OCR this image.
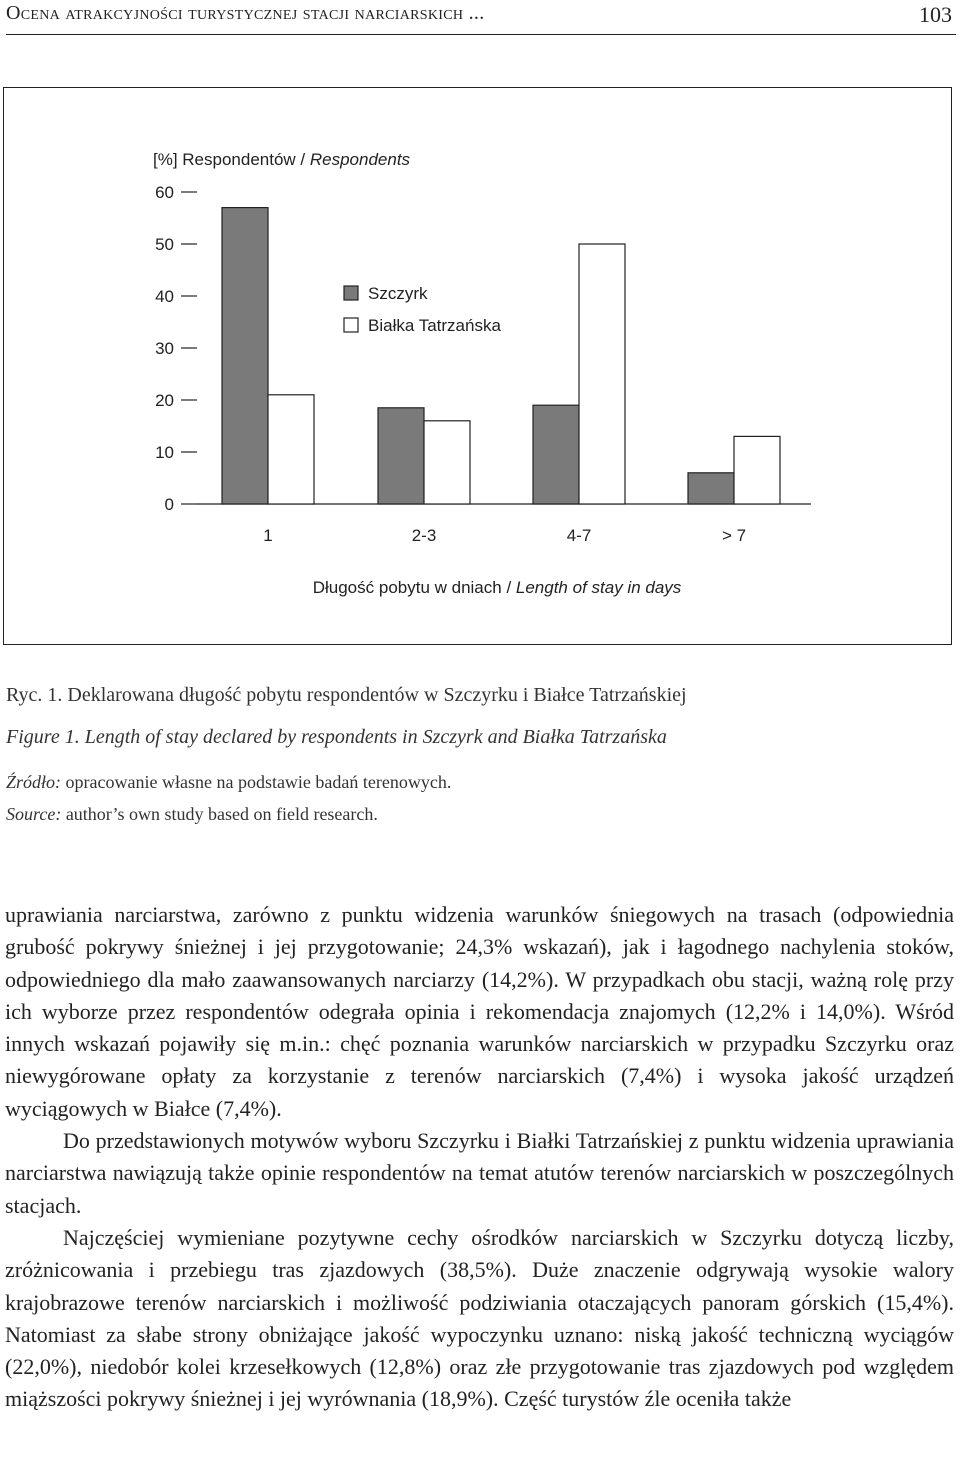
Ocena atrakcyjności turystycznej stacji narciarskich ...	103
[%] Respondentów / Respondents
0
10
20
30
40
50
60
1	2-3	4-7	> 7
Szczyrk
Białka Tatrzańska
Długość pobytu w dniach / Length of stay in days
Ryc. 1. Deklarowana długość pobytu respondentów w Szczyrku i Białce Tatrzańskiej
Figure 1. Length of stay declared by respondents in Szczyrk and Białka Tatrzańska
Źródło: opracowanie własne na podstawie badań terenowych.
Source: author’s own study based on field research.

uprawiania narciarstwa, zarówno z punktu widzenia warunków śniegowych na trasach (odpowiednia grubość pokrywy śnieżnej i jej przygotowanie; 24,3% wskazań), jak i łagodnego nachylenia stoków, odpowiedniego dla mało zaawansowanych narciarzy (14,2%). W przypadkach obu stacji, ważną rolę przy ich wyborze przez respondentów odegrała opinia i rekomendacja znajomych (12,2% i 14,0%). Wśród innych wskazań pojawiły się m.in.: chęć poznania warunków narciarskich w przypadku Szczyrku oraz niewygórowane opłaty za korzystanie z terenów narciarskich (7,4%) i wysoka jakość urządzeń wyciągowych w Białce (7,4%).

Do przedstawionych motywów wyboru Szczyrku i Białki Tatrzańskiej z punktu widzenia uprawiania narciarstwa nawiązują także opinie respondentów na temat atutów terenów narciarskich w poszczególnych stacjach.

Najczęściej wymieniane pozytywne cechy ośrodków narciarskich w Szczyrku dotyczą liczby, zróżnicowania i przebiegu tras zjazdowych (38,5%). Duże znaczenie odgrywają wysokie walory krajobrazowe terenów narciarskich i możliwość podziwiania otaczających panoram górskich (15,4%). Natomiast za słabe strony obniżające jakość wypoczynku uznano: niską jakość techniczną wyciągów (22,0%), niedobór kolei krzesełkowych (12,8%) oraz złe przygotowanie tras zjazdowych pod względem miąższości pokrywy śnieżnej i jej wyrównania (18,9%). Część turystów źle oceniła także
